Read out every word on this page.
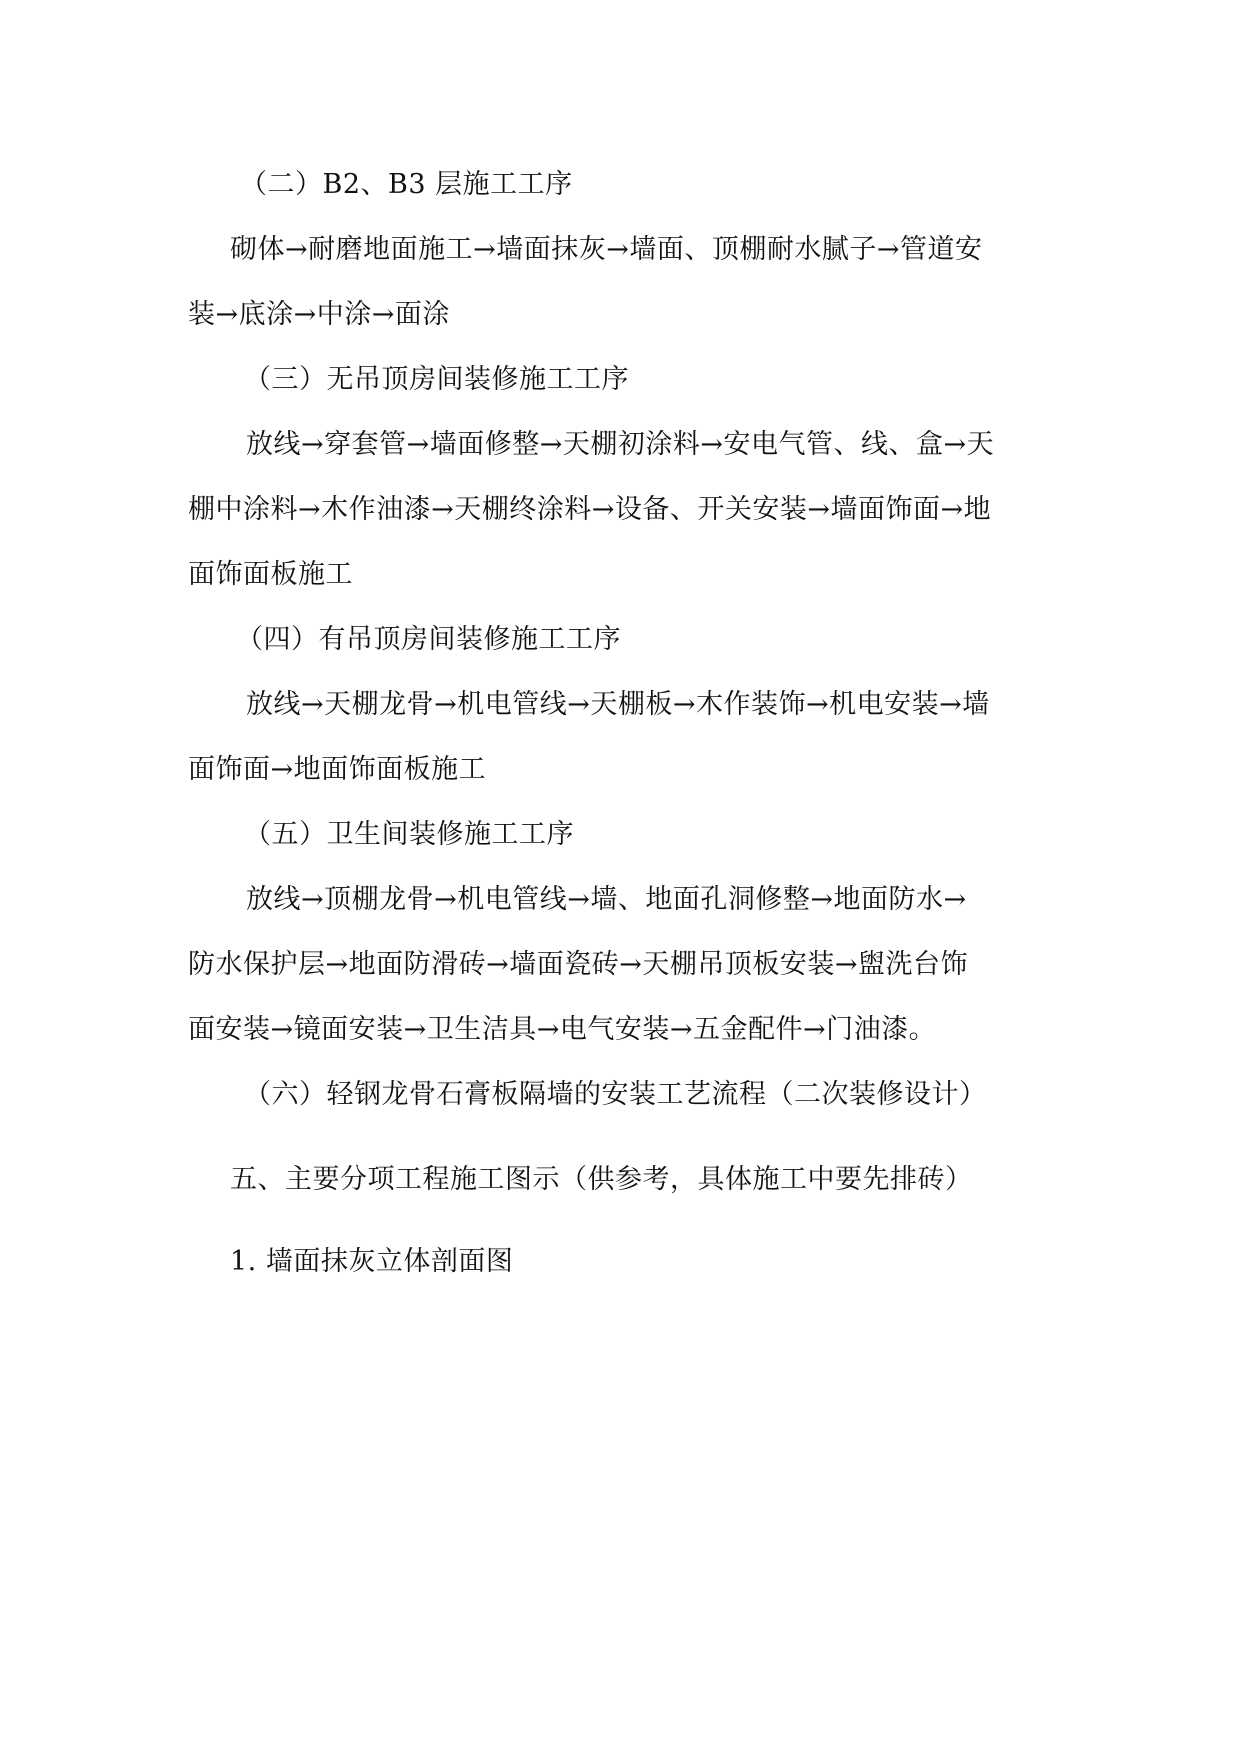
（二）B2、B3 层施工工序
砌体→耐磨地面施工→墙面抹灰→墙面、顶棚耐水腻子→管道安
装→底涂→中涂→面涂
（三）无吊顶房间装修施工工序
放线→穿套管→墙面修整→天棚初涂料→安电气管、线、盒→天
棚中涂料→木作油漆→天棚终涂料→设备、开关安装→墙面饰面→地
面饰面板施工
（四）有吊顶房间装修施工工序
放线→天棚龙骨→机电管线→天棚板→木作装饰→机电安装→墙
面饰面→地面饰面板施工
（五）卫生间装修施工工序
放线→顶棚龙骨→机电管线→墙、地面孔洞修整→地面防水→
防水保护层→地面防滑砖→墙面瓷砖→天棚吊顶板安装→盥洗台饰
面安装→镜面安装→卫生洁具→电气安装→五金配件→门油漆。
（六）轻钢龙骨石膏板隔墙的安装工艺流程（二次装修设计）
五、主要分项工程施工图示（供参考，具体施工中要先排砖）
1. 墙面抹灰立体剖面图
